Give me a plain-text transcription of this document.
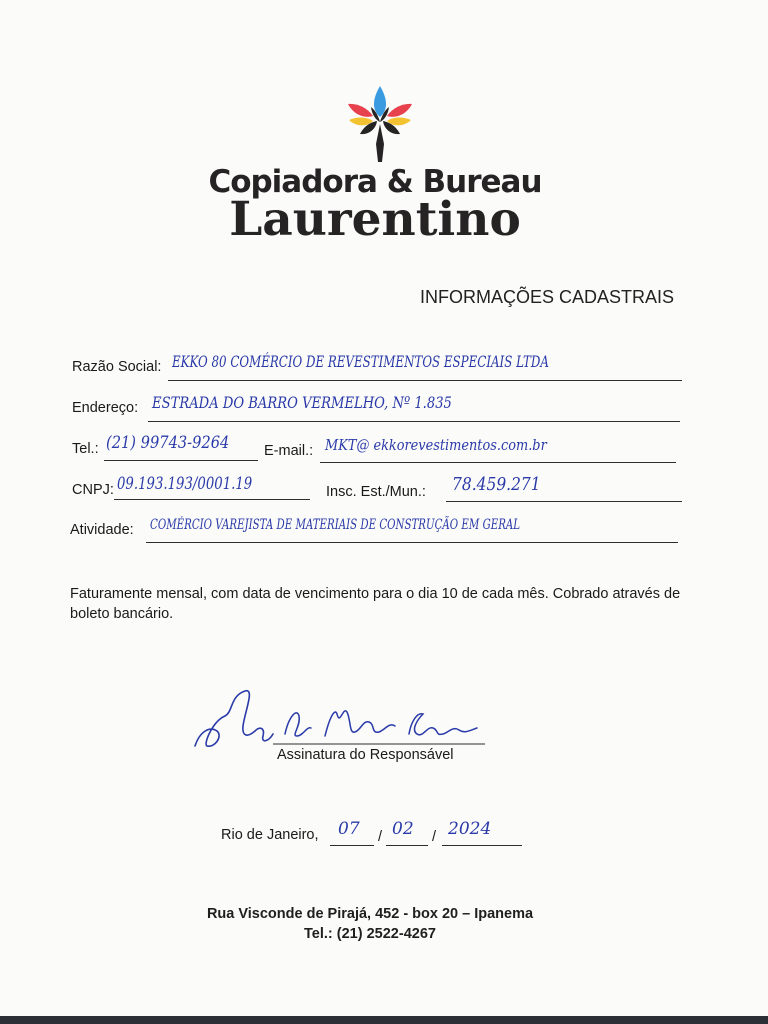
Copiadora & Bureau
Laurentino
INFORMAÇÕES CADASTRAIS
Razão Social: EKKO 80 COMÉRCIO DE REVESTIMENTOS ESPECIAIS LTDA
Endereço: ESTRADA DO BARRO VERMELHO, Nº 1.835
Tel.: (21) 99743-9264 E-mail.: MKT@ ekkorevestimentos.com.br
CNPJ: 09.193.193/0001.19	Insc. Est./Mun.: 78.459.271
Atividade: COMÉRCIO VAREJISTA DE MATERIAIS DE CONSTRUÇÃO EM GERAL
Faturamente mensal, com data de vencimento para o dia 10 de cada mês. Cobrado através de boleto bancário.
Assinatura do Responsável
Rio de Janeiro, 07 / 02 / 2024
Rua Visconde de Pirajá, 452 - box 20 – Ipanema
Tel.: (21) 2522-4267
